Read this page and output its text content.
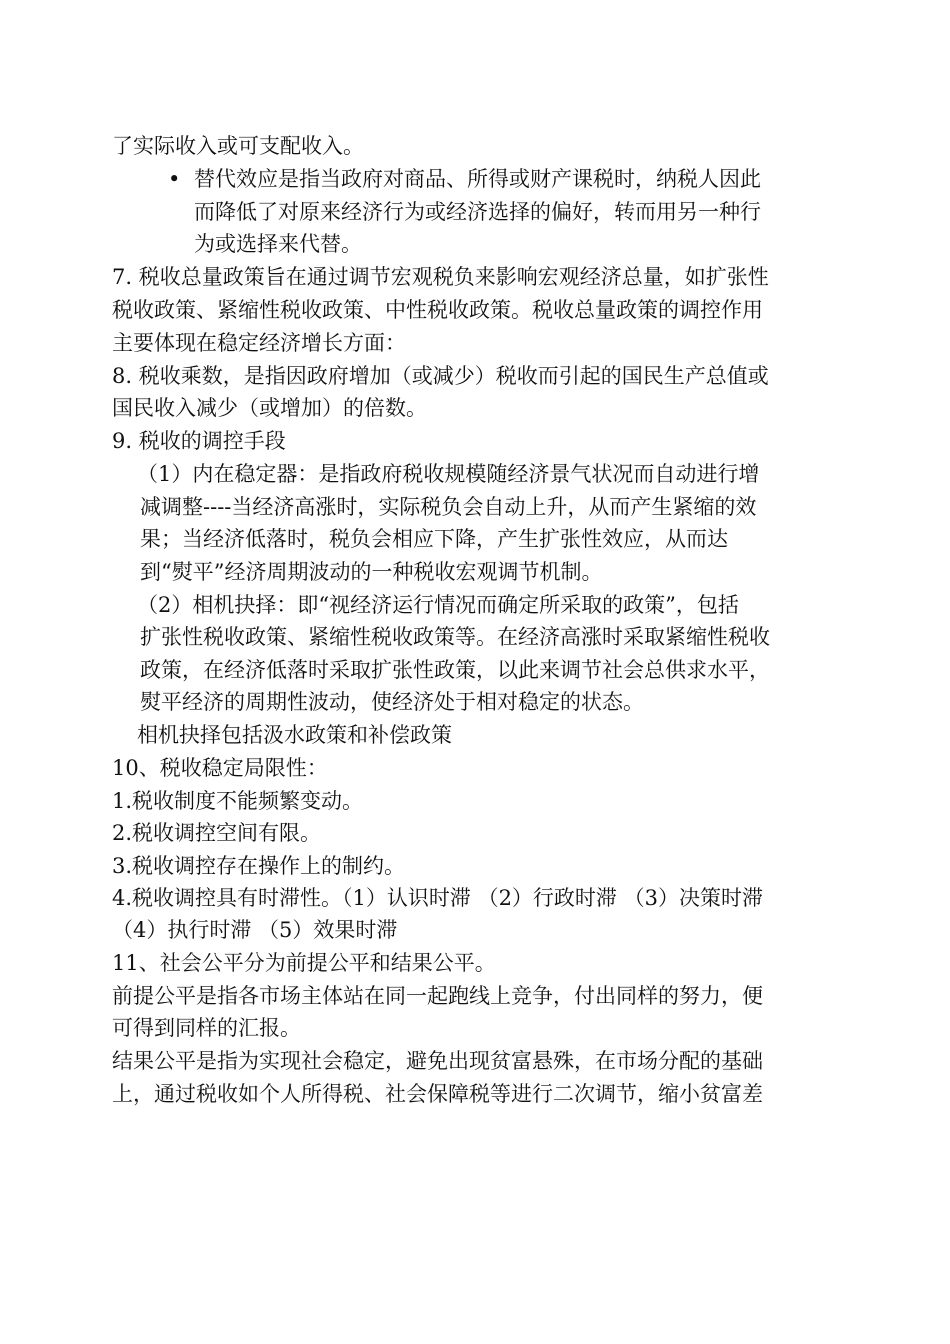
了实际收入或可支配收入。
• 替代效应是指当政府对商品、所得或财产课税时，纳税人因此
而降低了对原来经济行为或经济选择的偏好，转而用另一种行
为或选择来代替。
7. 税收总量政策旨在通过调节宏观税负来影响宏观经济总量，如扩张性
税收政策、紧缩性税收政策、中性税收政策。税收总量政策的调控作用
主要体现在稳定经济增长方面：
8. 税收乘数，是指因政府增加（或减少）税收而引起的国民生产总值或
国民收入减少（或增加）的倍数。
9. 税收的调控手段
（1）内在稳定器：是指政府税收规模随经济景气状况而自动进行增
减调整----当经济高涨时，实际税负会自动上升，从而产生紧缩的效
果；当经济低落时，税负会相应下降，产生扩张性效应，从而达
到“熨平”经济周期波动的一种税收宏观调节机制。
（2）相机抉择：即“视经济运行情况而确定所采取的政策”，包括
扩张性税收政策、紧缩性税收政策等。在经济高涨时采取紧缩性税收
政策，在经济低落时采取扩张性政策，以此来调节社会总供求水平，
熨平经济的周期性波动，使经济处于相对稳定的状态。
相机抉择包括汲水政策和补偿政策
10、税收稳定局限性：
1.税收制度不能频繁变动。
2.税收调控空间有限。
3.税收调控存在操作上的制约。
4.税收调控具有时滞性。（1）认识时滞 （2）行政时滞 （3）决策时滞
（4）执行时滞 （5）效果时滞
11、社会公平分为前提公平和结果公平。
前提公平是指各市场主体站在同一起跑线上竞争，付出同样的努力，便
可得到同样的汇报。
结果公平是指为实现社会稳定，避免出现贫富悬殊，在市场分配的基础
上，通过税收如个人所得税、社会保障税等进行二次调节，缩小贫富差
